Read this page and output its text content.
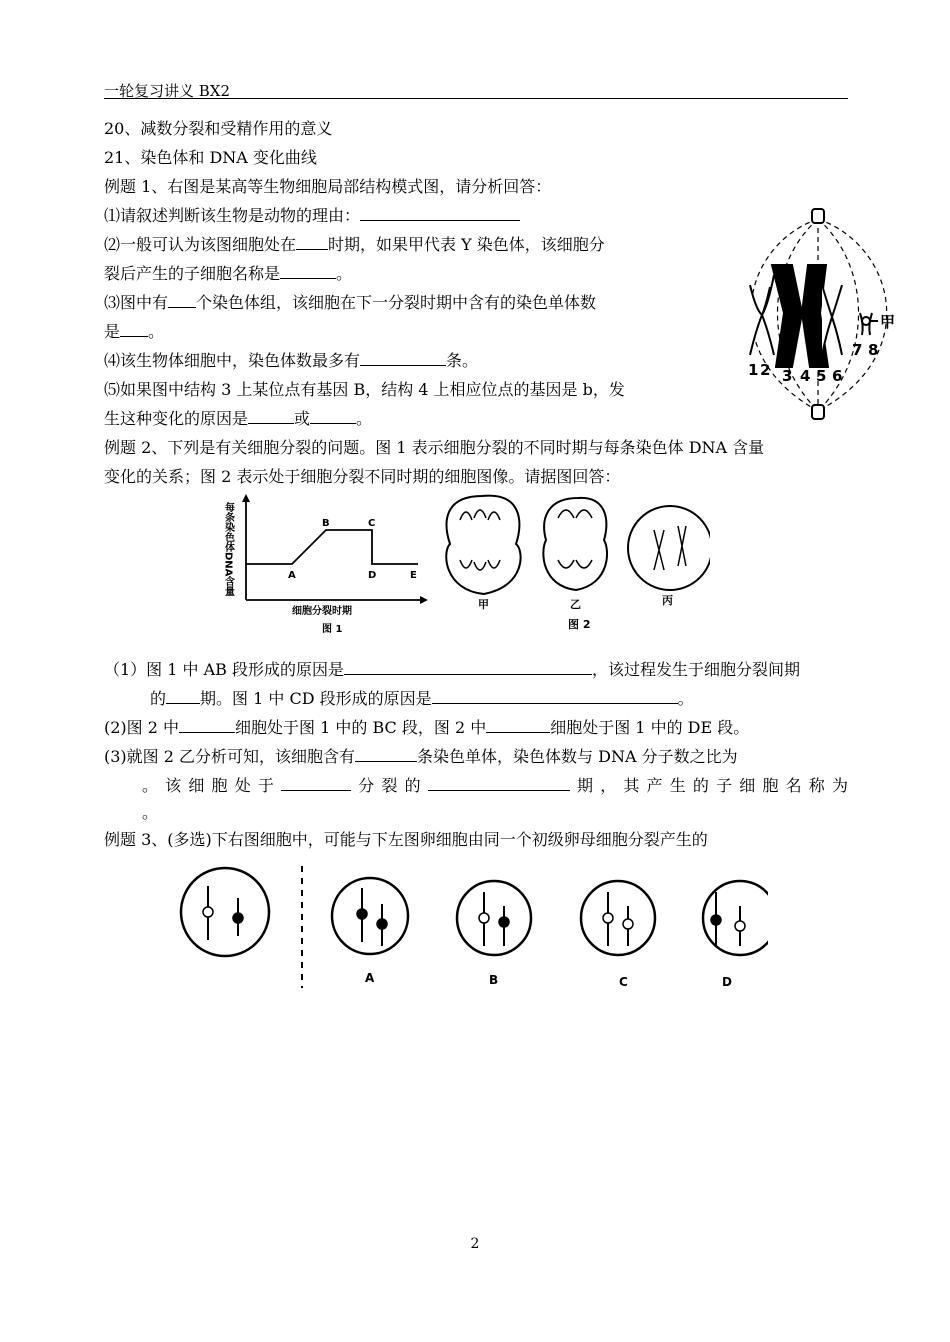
一轮复习讲义 BX2
20、减数分裂和受精作用的意义
21、染色体和 DNA 变化曲线
例题 1、右图是某高等生物细胞局部结构模式图，请分析回答：
⑴请叙述判断该生物是动物的理由：
⑵一般可认为该图细胞处在 时期，如果甲代表 Y 染色体，该细胞分
裂后产生的子细胞名称是	。
⑶图中有 个染色体组，该细胞在下一分裂时期中含有的染色单体数
是 。
⑷该生物体细胞中，染色体数最多有	条。
⑸如果图中结构 3 上某位点有基因 B，结构 4 上相应位点的基因是 b，发
生这种变化的原因是	或	。
1 2 3 4 5 6
7 8
甲
例题 2、下列是有关细胞分裂的问题。图 1 表示细胞分裂的不同时期与每条染色体 DNA 含量
变化的关系；图 2 表示处于细胞分裂不同时期的细胞图像。请据图回答：
每条染色体DNA含量	A
B	C
D	E
细胞分裂时期
图 1
甲	乙	丙
图 2
（1）图 1 中 AB 段形成的原因是	，该过程发生于细胞分裂间期
的 期。图 1 中 CD 段形成的原因是	。
(2)图 2 中	细胞处于图 1 中的 BC 段，图 2 中	细胞处于图 1 中的 DE 段。
(3)就图 2 乙分析可知，该细胞含有	条染色单体，染色体数与 DNA 分子数之比为
。该细胞处于	分裂的	期，其产生的子细胞名称为
。
例题 3、(多选)下右图细胞中，可能与下左图卵细胞由同一个初级卵母细胞分裂产生的
A	B	C	D
2
